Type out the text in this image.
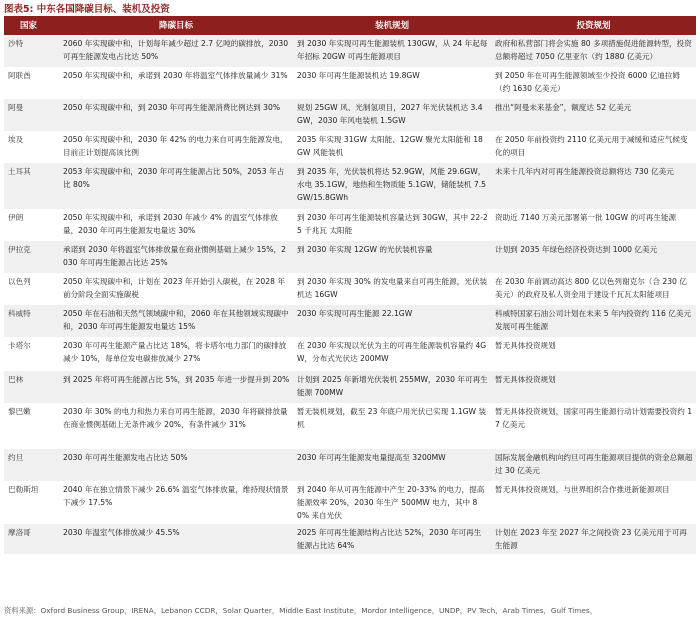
图表5: 中东各国降碳目标、装机及投资
国家	降碳目标	装机规划	投资规划
沙特	2060 年实现碳中和，计划每年减少超过 2.7 亿吨的碳排放，2030 可再生能源发电占比达 50%	到 2030 年实现可再生能源装机 130GW，从 24 年起每年招标 20GW 可再生能源项目	政府和私营部门将会实施 80 多项措施促进能源转型，投资总额将超过 7050 亿里亚尔（约 1880 亿美元）
阿联酋	2050 年实现碳中和，承诺到 2030 年将温室气体排放量减少 31%	2030 年可再生能源装机达 19.8GW	到 2050 年在可再生能源领域至少投资 6000 亿迪拉姆（约 1630 亿美元）
阿曼	2050 年实现碳中和，到 2030 年可再生能源消费比例达到 30%	规划 25GW 风、光制氢项目，2027 年光伏装机达 3.4GW，2030 年风电装机 1.5GW	推出“阿曼未来基金”，额度达 52 亿美元
埃及	2050 年实现碳中和，2030 年 42% 的电力来自可再生能源发电，目前正计划提高该比例	2035 年实现 31GW 太阳能、12GW 聚光太阳能和 18GW 风能装机	在 2050 年前投资约 2110 亿美元用于减缓和适应气候变化的项目
土耳其	2053 年实现碳中和，2030 年可再生能源占比 50%，2053 年占比 80%	到 2035 年，光伏装机将达 52.9GW，风能 29.6GW，水电 35.1GW，地热和生物质能 5.1GW，储能装机 7.5GW/15.8GWh	未来十几年内对可再生能源投资总额将达 730 亿美元
伊朗	2050 年实现碳中和，承诺到 2030 年减少 4% 的温室气体排放量，2030 年可再生能源发电量达 30%	到 2030 年可再生能源装机容量达到 30GW，其中 22-25 千兆瓦 太阳能	资助近 7140 万美元部署第一批 10GW 的可再生能源
伊拉克	承诺到 2030 年将温室气体排放量在商业惯例基础上减少 15%，2030 年可再生能源占比达 25%	到 2030 年实现 12GW 的光伏装机容量	计划到 2035 年绿色经济投资达到 1000 亿美元
以色列	2050 年实现碳中和，计划在 2023 年开始引入碳税，在 2028 年前分阶段全面实施碳税	到 2030 年实现 30% 的发电量来自可再生能源，光伏装机达 16GW	在 2030 年前调动高达 800 亿以色列谢克尔（合 230 亿美元）的政府及私人资金用于建设千瓦瓦太阳能项目
科威特	2050 年在石油和天然气领域碳中和，2060 年在其他领域实现碳中和，2030 年可再生能源发电量达 15%	2030 年实现可再生能源 22.1GW	科威特国家石油公司计划在未来 5 年内投资约 116 亿美元发展可再生能源
卡塔尔	2030 年可再生能源产量占比达 18%，将卡塔尔电力部门的碳排放减少 10%，每单位发电碳排放减少 27%	在 2030 年实现以光伏为主的可再生能源装机容量约 4GW，分布式光伏达 200MW	暂无具体投资规划
巴林	到 2025 年将可再生能源占比 5%，到 2035 年进一步提升到 20%	计划到 2025 年新增光伏装机 255MW，2030 年可再生能源 700MW	暂无具体投资规划
黎巴嫩	2030 年 30% 的电力和热力来自可再生能源，2030 年将碳排放量在商业惯例基础上无条件减少 20%，有条件减少 31%	暂无装机规划，截至 23 年底户用光伏已实现 1.1GW 装机	暂无具体投资规划，国家可再生能源行动计划需要投资约 17 亿美元
约旦	2030 年可再生能源发电占比达 50%	2030 年可再生能源发电量提高至 3200MW	国际发展金融机构向约旦可再生能源项目提供的资金总额超过 30 亿美元
巴勒斯坦	2040 年在独立情景下减少 26.6% 温室气体排放量，维持现状情景下减少 17.5%	到 2040 年从可再生能源中产生 20-33% 的电力，提高能源效率 20%，2030 年生产 500MW 电力，其中 80% 来自光伏	暂无具体投资规划，与世界组织合作推进新能源项目
摩洛哥	2030 年温室气体排放减少 45.5%	2025 年可再生能源结构占比达 52%，2030 年可再生能源占比达 64%	计划在 2023 年至 2027 年之间投资 23 亿美元用于可再生能源
资料来源：Oxford Business Group，IRENA，Lebanon CCDR，Solar Quarter，Middle East Institute，Mordor Intelligence，UNDP，PV Tech，Arab Times，Gulf Times，
